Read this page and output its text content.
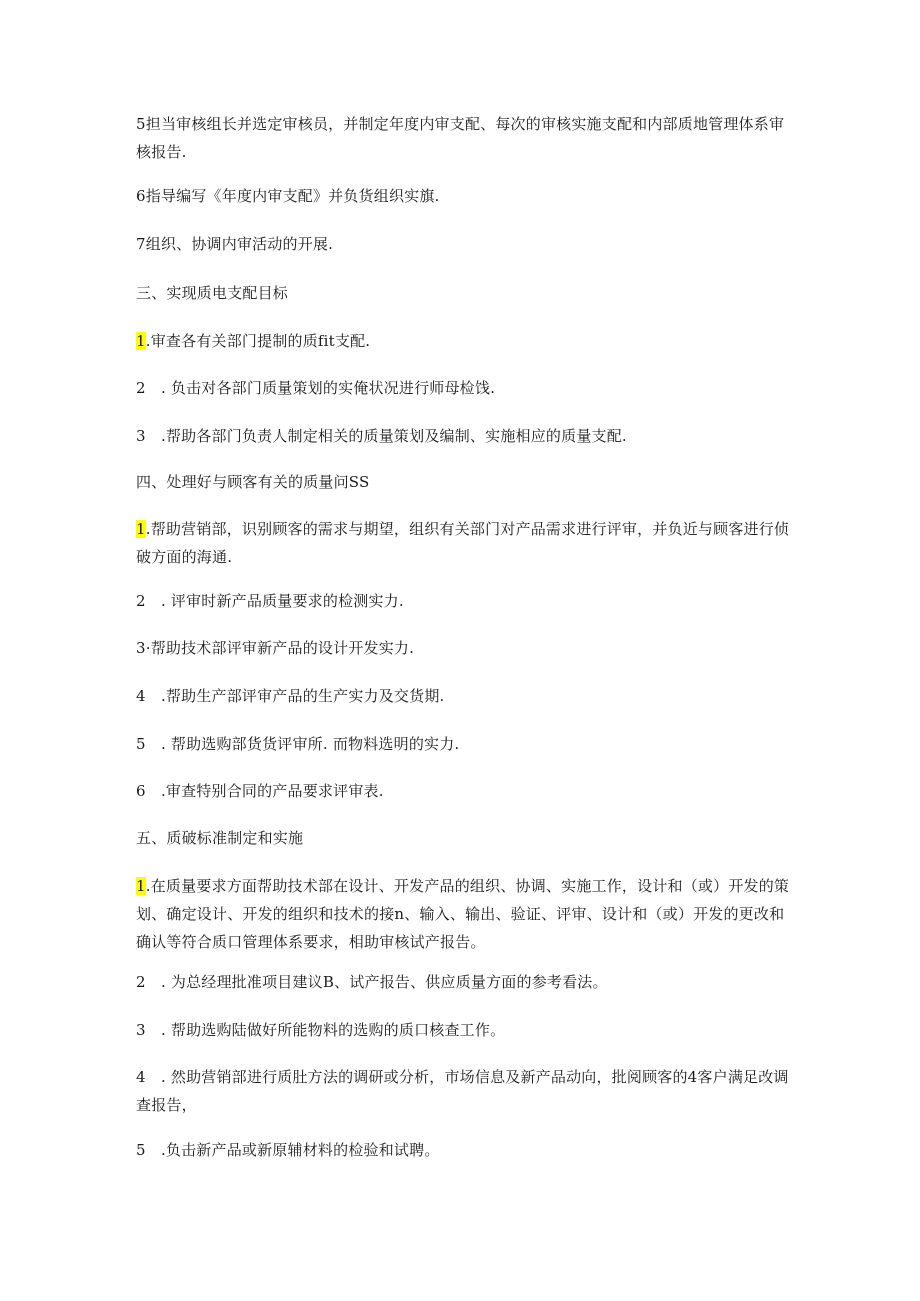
5担当审核组长并选定审核员，并制定年度内审支配、每次的审核实施支配和内部质地管理体系审核报告.
6指导编写《年度内审支配》并负货组织实旗.
7组织、协调内审活动的开展.
三、实现质电支配目标
1.审查各有关部门提制的质fit支配.
2　. 负击对各部门质量策划的实俺状况进行师母检饯.
3　.帮助各部门负责人制定相关的质量策划及编制、实施相应的质量支配.
四、处理好与顾客有关的质量问SS
1.帮助营销部，识别顾客的需求与期望，组织有关部门对产品需求进行评审，并负近与顾客进行侦破方面的海通.
2　. 评审时新产品质量要求的检测实力.
3·帮助技术部评审新产品的设计开发实力.
4　.帮助生产部评审产品的生产实力及交货期.
5　. 帮助选购部货货评审所. 而物料选明的实力.
6　.审查特别合同的产品要求评审表.
五、质破标准制定和实施
1.在质量要求方面帮助技术部在设计、开发产品的组织、协调、实施工作，设计和（或）开发的策划、确定设计、开发的组织和技术的接n、输入、输出、验证、评审、设计和（或）开发的更改和确认等符合质口管理体系要求，相助审核试产报告。
2　. 为总经理批准项目建议B、试产报告、供应质量方面的参考看法。
3　. 帮助选购陆做好所能物料的选购的质口核查工作。
4　. 然助营销部进行质肚方法的调研或分析，市场信息及新产品动向，批阅顾客的4客户满足改调查报告，
5　.负击新产品或新原辅材料的检验和试聘。
